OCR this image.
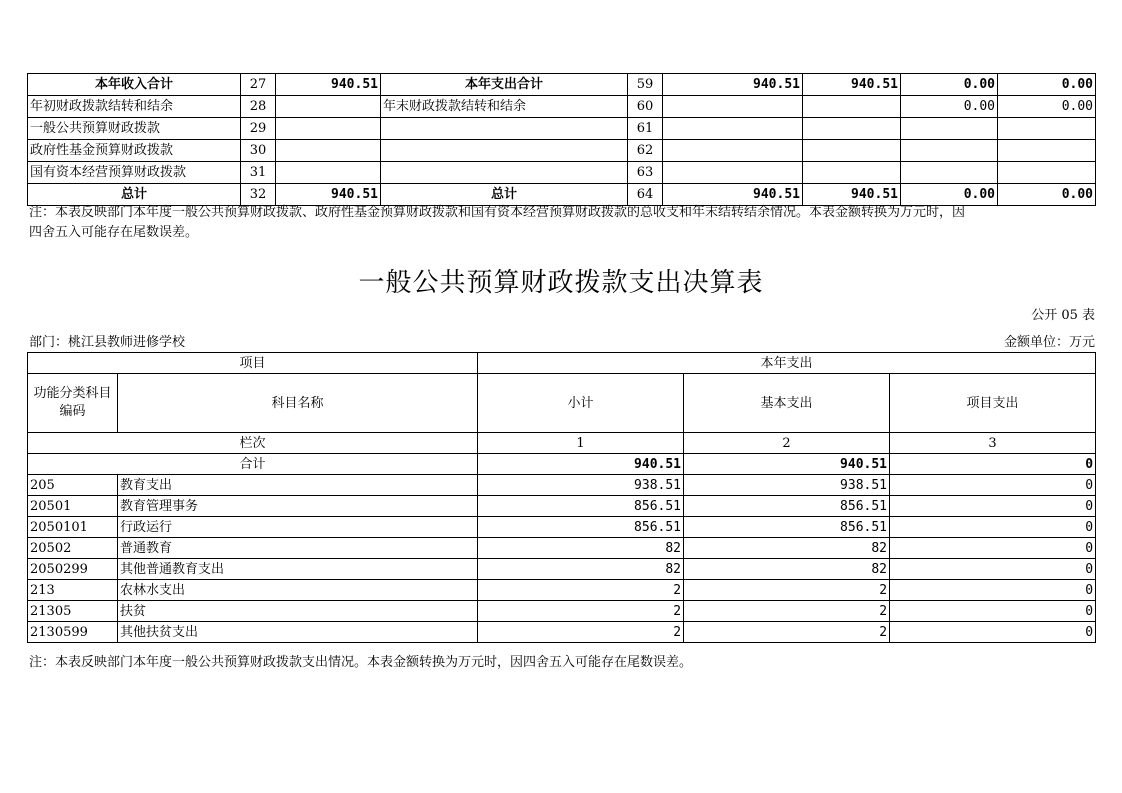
本年收入合计	27	940.51	本年支出合计	59	940.51	940.51	0.00	0.00
年初财政拨款结转和结余	28		年末财政拨款结转和结余	60			0.00	0.00
一般公共预算财政拨款	29			61				
政府性基金预算财政拨款	30			62				
国有资本经营预算财政拨款	31			63				
总计	32	940.51	总计	64	940.51	940.51	0.00	0.00
注：本表反映部门本年度一般公共预算财政拨款、政府性基金预算财政拨款和国有资本经营预算财政拨款的总收支和年末结转结余情况。本表金额转换为万元时，因
四舍五入可能存在尾数误差。
一般公共预算财政拨款支出决算表
公开 05 表
部门：桃江县教师进修学校	金额单位：万元
项目		本年支出		
功能分类科目编码	科目名称	小计	基本支出	项目支出
栏次		1	2	3
合计		940.51	940.51	0
205	教育支出	938.51	938.51	0
20501	教育管理事务	856.51	856.51	0
2050101	行政运行	856.51	856.51	0
20502	普通教育	82	82	0
2050299	其他普通教育支出	82	82	0
213	农林水支出	2	2	0
21305	扶贫	2	2	0
2130599	其他扶贫支出	2	2	0
注：本表反映部门本年度一般公共预算财政拨款支出情况。本表金额转换为万元时，因四舍五入可能存在尾数误差。
